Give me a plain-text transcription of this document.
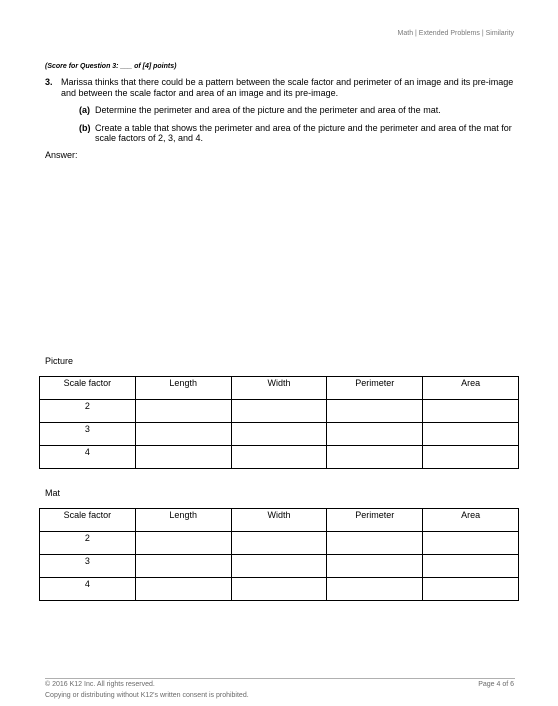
Math | Extended Problems | Similarity
(Score for Question 3: ___ of [4] points)
3. Marissa thinks that there could be a pattern between the scale factor and perimeter of an image and its pre-image and between the scale factor and area of an image and its pre-image.
(a) Determine the perimeter and area of the picture and the perimeter and area of the mat.
(b) Create a table that shows the perimeter and area of the picture and the perimeter and area of the mat for scale factors of 2, 3, and 4.
Answer:
Picture
Scale factor	Length	Width	Perimeter	Area
2				
3				
4				
Mat
Scale factor	Length	Width	Perimeter	Area
2				
3				
4				
© 2016 K12 Inc. All rights reserved.
Copying or distributing without K12's written consent is prohibited.
Page 4 of 6
